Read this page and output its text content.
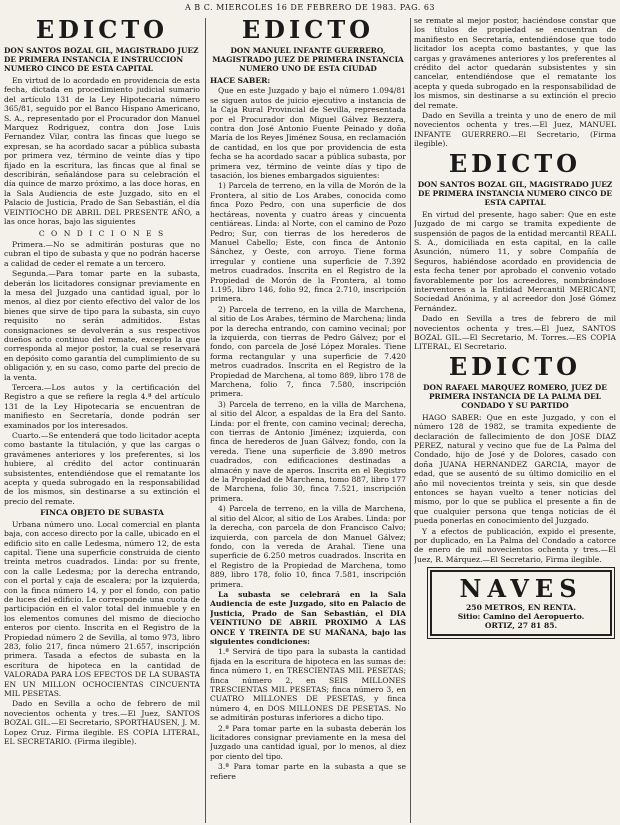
A B C. MIERCOLES 16 DE FEBRERO DE 1983. PAG. 63
EDICTO
DON SANTOS BOZAL GIL, MAGISTRADO JUEZ DE PRIMERA INSTANCIA E INSTRUCCION NUMERO CINCO DE ESTA CAPITAL
En virtud de lo acordado en providencia de esta fecha, dictada en procedimiento judicial sumario del artículo 131 de la Ley Hipotecaria número 365/81, seguido por el Banco Hispano Americano, S. A., representado por el Procurador don Manuel Marquez Rodriguez, contra don Jose Luis Fernandez Vilar, contra las fincas que luego se expresan, se ha acordado sacar a pública subasta por primera vez, término de veinte días y tipo fijado en la escritura, las fincas que al final se describirán, señalándose para su celebración el día quince de marzo próximo, a las doce horas, en la Sala Audiencia de este Juzgado, sito en el Palacio de Justicia, Prado de San Sebastián, el día VEINTIOCHO DE ABRIL DEL PRESENTE AÑO, a las once horas, bajo las siguientes
C O N D I C I O N E S
Primera.—No se admitirán posturas que no cubran el tipo de subasta y que no podrán hacerse a calidad de ceder el remate a un tercero.
Segunda.—Para tomar parte en la subasta, deberán los licitadores consignar previamente en la mesa del Juzgado una cantidad igual, por lo menos, al diez por ciento efectivo del valor de los bienes que sirve de tipo para la subasta, sin cuyo requisito no serán admitidos. Estas consignaciones se devolverán a sus respectivos dueños acto continuo del remate, excepto la que corresponda al mejor postor, la cual se reservará en depósito como garantía del cumplimiento de su obligación y, en su caso, como parte del precio de la venta.
Tercera.—Los autos y la certificación del Registro a que se refiere la regla 4.ª del artículo 131 de la Ley Hipotecaria se encuentran de manifiesto en Secretaría, donde podrán ser examinados por los interesados.
Cuarto.—Se entenderá que todo licitador acepta como bastante la titulación, y que las cargas o gravámenes anteriores y los preferentes, si los hubiere, al crédito del actor continuarán subsistentes, entendiéndose que el rematante los acepta y queda subrogado en la responsabilidad de los mismos, sin destinarse a su extinción el precio del remate.
FINCA OBJETO DE SUBASTA
Urbana número uno. Local comercial en planta baja, con acceso directo por la calle, ubicado en el edificio sito en calle Ledesma, número 12, de esta capital. Tiene una superficie construida de ciento treinta metros cuadrados. Linda: por su frente, con la calle Ledesma; por la derecha entrando, con el portal y caja de escalera; por la izquierda, con la finca número 14, y por el fondo, con patio de luces del edificio. Le corresponde una cuota de participación en el valor total del inmueble y en los elementos comunes del mismo de dieciocho enteros por ciento. Inscrita en el Registro de la Propiedad número 2 de Sevilla, al tomo 973, libro 283, folio 217, finca número 21.657, inscripción primera. Tasada a efectos de subasta en la escritura de hipoteca en la cantidad de VALORADA PARA LOS EFECTOS DE LA SUBASTA EN UN MILLON OCHOCIENTAS CINCUENTA MIL PESETAS.
Dado en Sevilla a ocho de febrero de mil novecientos ochenta y tres.—El Juez, SANTOS BOZAL GIL.—El Secretario, SPORTHAUSEN, J. M. Lopez Cruz. Firma ilegible. ES COPIA LITERAL, EL SECRETARIO. (Firma ilegible).
EDICTO
DON MANUEL INFANTE GUERRERO, MAGISTRADO JUEZ DE PRIMERA INSTANCIA NUMERO UNO DE ESTA CIUDAD
HACE SABER:
Que en este Juzgado y bajo el número 1.094/81 se siguen autos de juicio ejecutivo a instancia de la Caja Rural Provincial de Sevilla, representada por el Procurador don Miguel Gálvez Bezzera, contra don José Antonio Fuente Peinado y doña María de los Reyes Jiménez Sousa, en reclamación de cantidad, en los que por providencia de esta fecha se ha acordado sacar a pública subasta, por primera vez, término de veinte días y tipo de tasación, los bienes embargados siguientes:
1) Parcela de terreno, en la villa de Morón de la Frontera, al sitio de Los Arabes, conocida como finca Pozo Pedro, con una superficie de dos hectáreas, noventa y cuatro áreas y cincuenta centiáreas. Linda: al Norte, con el camino de Pozo Pedro; Sur, con tierras de los herederos de Manuel Cabello; Este, con finca de Antonio Sánchez, y Oeste, con arroyo. Tiene forma irregular y contiene una superficie de 7.392 metros cuadrados. Inscrita en el Registro de la Propiedad de Morón de la Frontera, al tomo 1.195, libro 146, folio 92, finca 2.710, inscripción primera.
2) Parcela de terreno, en la villa de Marchena, al sitio de Los Arabes, término de Marchena; linda por la derecha entrando, con camino vecinal; por la izquierda, con tierras de Pedro Gálvez; por el fondo, con parcela de José López Morales. Tiene forma rectangular y una superficie de 7.420 metros cuadrados. Inscrita en el Registro de la Propiedad de Marchena, al tomo 889, libro 178 de Marchena, folio 7, finca 7.580, inscripción primera.
3) Parcela de terreno, en la villa de Marchena, al sitio del Alcor, a espaldas de la Era del Santo. Linda: por el frente, con camino vecinal; derecha, con tierras de Antonio Jiménez; izquierda, con finca de herederos de Juan Gálvez; fondo, con la vereda. Tiene una superficie de 3.890 metros cuadrados, con edificaciones destinadas a almacén y nave de aperos. Inscrita en el Registro de la Propiedad de Marchena, tomo 887, libro 177 de Marchena, folio 30, finca 7.521, inscripción primera.
4) Parcela de terreno, en la villa de Marchena, al sitio del Alcor, al sitio de Los Arabes. Linda: por la derecha, con parcela de don Francisco Calvo; izquierda, con parcela de don Manuel Gálvez; fondo, con la vereda de Arahal. Tiene una superficie de 6.250 metros cuadrados. Inscrita en el Registro de la Propiedad de Marchena, tomo 889, libro 178, folio 10, finca 7.581, inscripción primera.
La subasta se celebrará en la Sala Audiencia de este Juzgado, sito en Palacio de Justicia, Prado de San Sebastián, el DIA VEINTIUNO DE ABRIL PROXIMO A LAS ONCE Y TREINTA DE SU MAÑANA, bajo las siguientes condiciones:
1.ª Servirá de tipo para la subasta la cantidad fijada en la escritura de hipoteca en las sumas de: finca número 1, en TRESCIENTAS MIL PESETAS; finca número 2, en SEIS MILLONES TRESCIENTAS MIL PESETAS; finca número 3, en CUATRO MILLONES DE PESETAS, y finca número 4, en DOS MILLONES DE PESETAS. No se admitirán posturas inferiores a dicho tipo.
2.ª Para tomar parte en la subasta deberán los licitadores consignar previamente en la mesa del Juzgado una cantidad igual, por lo menos, al diez por ciento del tipo.
3.ª Para tomar parte en la subasta a que se refiere
se remate al mejor postor, haciéndose constar que los títulos de propiedad se encuentran de manifiesto en Secretaría, entendiéndose que todo licitador los acepta como bastantes, y que las cargas y gravámenes anteriores y los preferentes al crédito del actor quedarán subsistentes y sin cancelar, entendiéndose que el rematante los acepta y queda subrogado en la responsabilidad de los mismos, sin destinarse a su extinción el precio del remate.
Dado en Sevilla a treinta y uno de enero de mil novecientos ochenta y tres.—El Juez, MANUEL INFANTE GUERRERO.—El Secretario, (Firma ilegible).
EDICTO
DON SANTOS BOZAL GIL, MAGISTRADO JUEZ DE PRIMERA INSTANCIA NUMERO CINCO DE ESTA CAPITAL
En virtud del presente, hago saber: Que en este Juzgado de mi cargo se tramita expediente de suspensión de pagos de la entidad mercantil REALL S. A., domiciliada en esta capital, en la calle Asunción, número 11, y sobre Compañía de Seguros, habiéndose acordado en providencia de esta fecha tener por aprobado el convenio votado favorablemente por los acreedores, nombrándose interventores a la Entidad Mercantil MERICANT, Sociedad Anónima, y al acreedor don José Gómez Fernández.
Dado en Sevilla a tres de febrero de mil novecientos ochenta y tres.—El Juez, SANTOS BOZAL GIL.—El Secretario, M. Torres.—ES COPIA LITERAL, El Secretario.
EDICTO
DON RAFAEL MARQUEZ ROMERO, JUEZ DE PRIMERA INSTANCIA DE LA PALMA DEL CONDADO Y SU PARTIDO
HAGO SABER: Que en este Juzgado, y con el número 128 de 1982, se tramita expediente de declaración de fallecimiento de don JOSE DIAZ PEREZ, natural y vecino que fue de La Palma del Condado, hijo de José y de Dolores, casado con doña JUANA HERNANDEZ GARCIA, mayor de edad, que se ausentó de su último domicilio en el año mil novecientos treinta y seis, sin que desde entonces se hayan vuelto a tener noticias del mismo, por lo que se publica el presente a fin de que cualquier persona que tenga noticias de él pueda ponerlas en conocimiento del Juzgado.
Y a efectos de publicación, expido el presente, por duplicado, en La Palma del Condado a catorce de enero de mil novecientos ochenta y tres.—El Juez, R. Márquez.—El Secretario, Firma ilegible.
NAVES
250 METROS, EN RENTA.
Sitio: Camino del Aeropuerto.
ORTIZ, 27 81 85.
